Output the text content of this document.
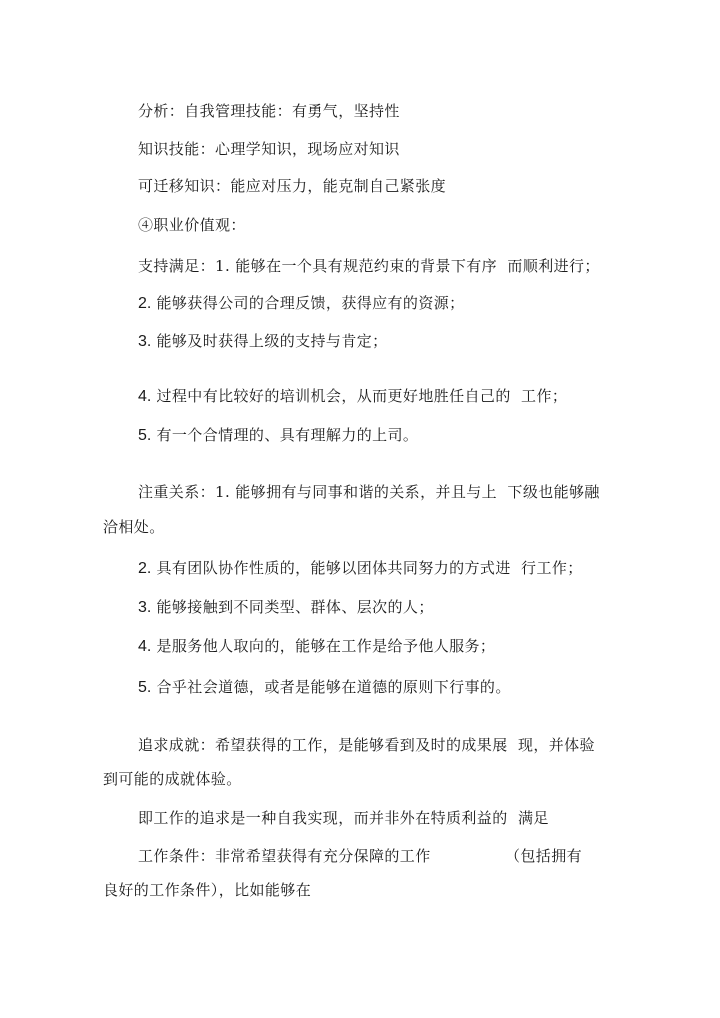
分析：自我管理技能：有勇气，坚持性
知识技能：心理学知识，现场应对知识
可迁移知识：能应对压力，能克制自己紧张度
④职业价值观：
支持满足：1. 能够在一个具有规范约束的背景下有序  而顺利进行；
2. 能够获得公司的合理反馈，获得应有的资源；
3. 能够及时获得上级的支持与肯定；
4. 过程中有比较好的培训机会，从而更好地胜任自己的  工作；
5. 有一个合情理的、具有理解力的上司。
注重关系：1. 能够拥有与同事和谐的关系，并且与上  下级也能够融
洽相处。
2. 具有团队协作性质的，能够以团体共同努力的方式进  行工作；
3. 能够接触到不同类型、群体、层次的人；
4. 是服务他人取向的，能够在工作是给予他人服务；
5. 合乎社会道德，或者是能够在道德的原则下行事的。
追求成就：希望获得的工作，是能够看到及时的成果展  现，并体验
到可能的成就体验。
即工作的追求是一种自我实现，而并非外在特质利益的  满足
工作条件：非常希望获得有充分保障的工作	（包括拥有
良好的工作条件），比如能够在
